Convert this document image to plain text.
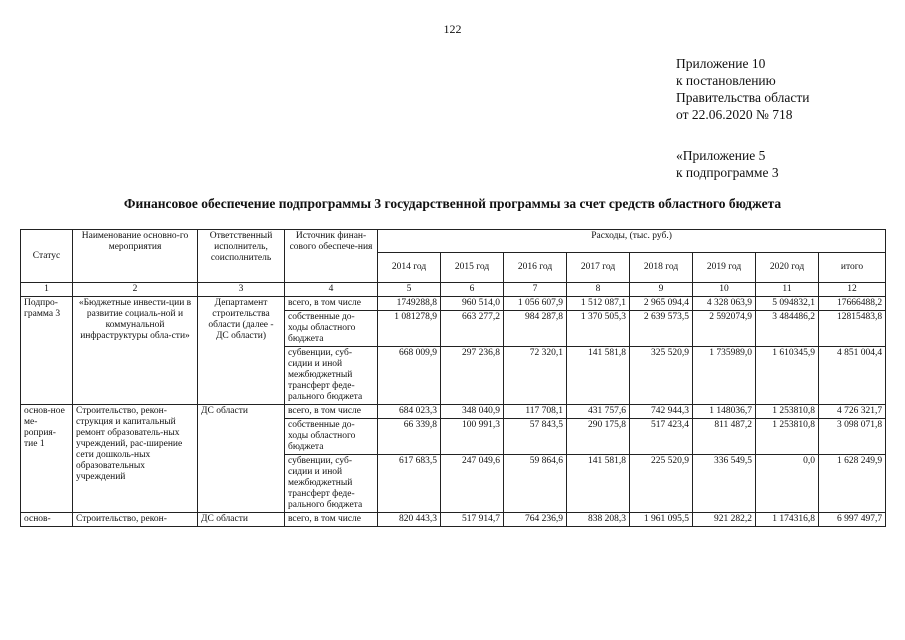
122
Приложение 10
к постановлению
Правительства области
от 22.06.2020 № 718
«Приложение 5
к подпрограмме 3
Финансовое обеспечение подпрограммы 3 государственной программы за счет средств областного бюджета
Статус	Наименование основно-го мероприятия	Ответственный исполнитель, соисполнитель	Источник финан-сового обеспече-ния	Расходы, (тыс. руб.)							
				2014 год	2015 год	2016 год	2017 год	2018 год	2019 год	2020 год	итого
1	2	3	4	5	6	7	8	9	10	11	12
Подпро-грамма 3	«Бюджетные инвести-ции в развитие социаль-ной и коммунальной инфраструктуры обла-сти»	Департамент строительства области (далее - ДС области)	всего, в том числе	1749288,8	960 514,0	1 056 607,9	1 512 087,1	2 965 094,4	4 328 063,9	5 094832,1	17666488,2
			собственные до-ходы областного бюджета	1 081278,9	663 277,2	984 287,8	1 370 505,3	2 639 573,5	2 592074,9	3 484486,2	12815483,8
			субвенции, суб-сидии и иной межбюджетный трансферт феде-рального бюджета	668 009,9	297 236,8	72 320,1	141 581,8	325 520,9	1 735989,0	1 610345,9	4 851 004,4
основ-ное ме-роприя-тие 1	Строительство, рекон-струкция и капитальный ремонт образователь-ных учреждений, рас-ширение сети дошколь-ных образовательных учреждений	ДС области	всего, в том числе	684 023,3	348 040,9	117 708,1	431 757,6	742 944,3	1 148036,7	1 253810,8	4 726 321,7
			собственные до-ходы областного бюджета	66 339,8	100 991,3	57 843,5	290 175,8	517 423,4	811 487,2	1 253810,8	3 098 071,8
			субвенции, суб-сидии и иной межбюджетный трансферт феде-рального бюджета	617 683,5	247 049,6	59 864,6	141 581,8	225 520,9	336 549,5	0,0	1 628 249,9
основ-	Строительство, рекон-	ДС области	всего, в том числе	820 443,3	517 914,7	764 236,9	838 208,3	1 961 095,5	921 282,2	1 174316,8	6 997 497,7
